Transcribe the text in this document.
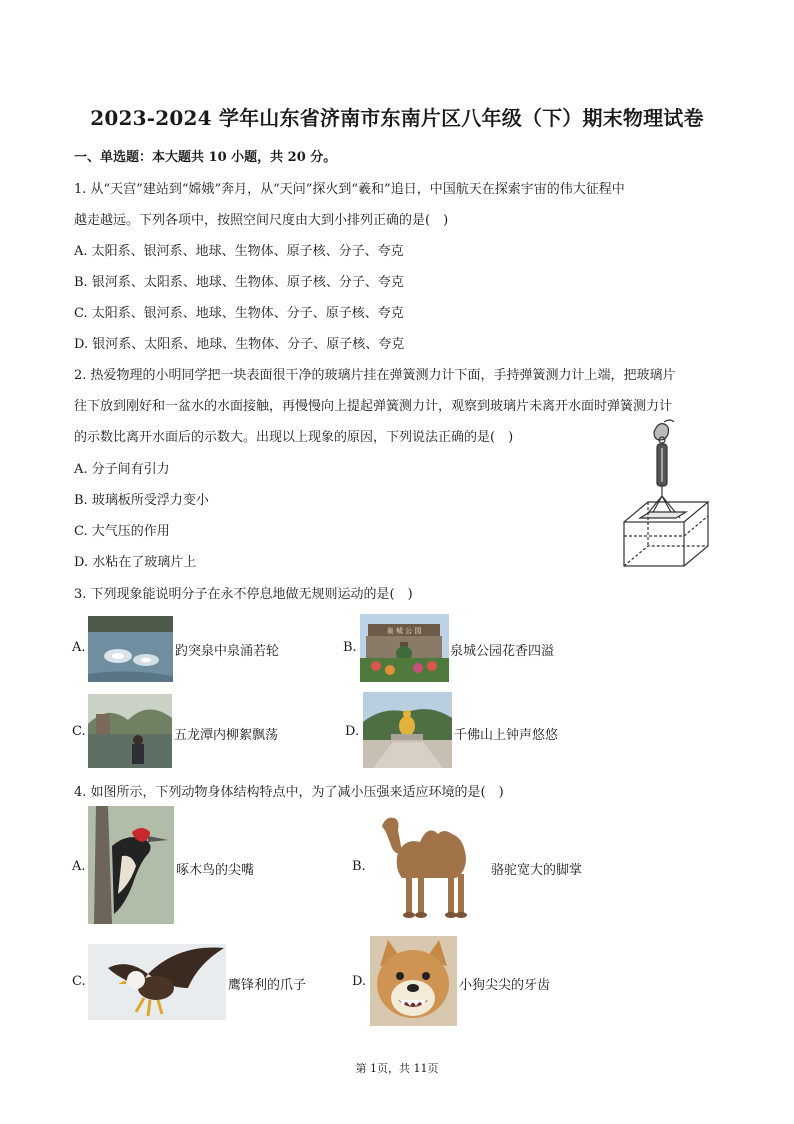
2023-2024 学年山东省济南市东南片区八年级（下）期末物理试卷
一、单选题：本大题共 10 小题，共 20 分。
1. 从“天宫”建站到“嫦娥”奔月，从“天问”探火到“羲和”追日，中国航天在探索宇宙的伟大征程中
越走越远。下列各项中，按照空间尺度由大到小排列正确的是(　)
A. 太阳系、银河系、地球、生物体、原子核、分子、夸克
B. 银河系、太阳系、地球、生物体、原子核、分子、夸克
C. 太阳系、银河系、地球、生物体、分子、原子核、夸克
D. 银河系、太阳系、地球、生物体、分子、原子核、夸克
2. 热爱物理的小明同学把一块表面很干净的玻璃片挂在弹簧测力计下面，手持弹簧测力计上端，把玻璃片
往下放到刚好和一盆水的水面接触，再慢慢向上提起弹簧测力计，观察到玻璃片未离开水面时弹簧测力计
的示数比离开水面后的示数大。出现以上现象的原因，下列说法正确的是(　)
A. 分子间有引力
B. 玻璃板所受浮力变小
C. 大气压的作用
D. 水粘在了玻璃片上
3. 下列现象能说明分子在永不停息地做无规则运动的是(　)
A.	趵突泉中泉涌若轮	B.
泉 城 公 园
泉城公园花香四溢
C.	五龙潭内柳絮飘荡	D.	千佛山上钟声悠悠
4. 如图所示，下列动物身体结构特点中，为了减小压强来适应环境的是(　)
A.	啄木鸟的尖嘴	B.	骆驼宽大的脚掌
C.	鹰锋利的爪子	D.	小狗尖尖的牙齿
第 1页，共 11页
